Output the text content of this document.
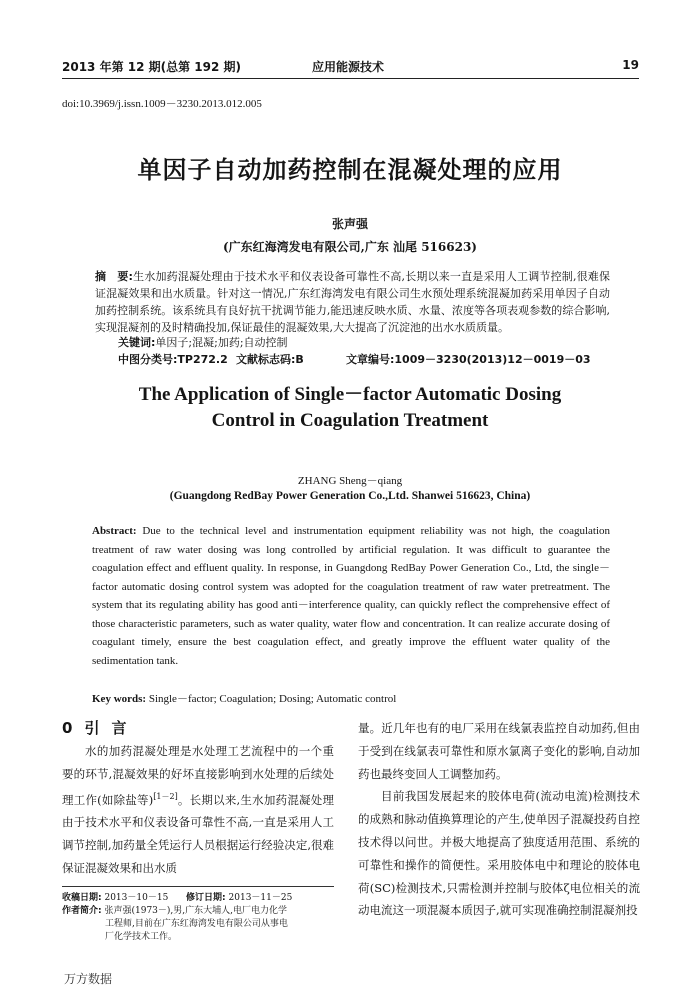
2013 年第 12 期(总第 192 期)	应用能源技术	19
doi:10.3969/j.issn.1009－3230.2013.012.005
单因子自动加药控制在混凝处理的应用
张声强
(广东红海湾发电有限公司,广东 汕尾 516623)
摘　要:生水加药混凝处理由于技术水平和仪表设备可靠性不高,长期以来一直是采用人工调节控制,很难保证混凝效果和出水质量。针对这一情况,广东红海湾发电有限公司生水预处理系统混凝加药采用单因子自动加药控制系统。该系统具有良好抗干扰调节能力,能迅速反映水质、水量、浓度等各项表观参数的综合影响,实现混凝剂的及时精确投加,保证最佳的混凝效果,大大提高了沉淀池的出水水质质量。
关键词:单因子;混凝;加药;自动控制
中图分类号:TP272.2 文献标志码:B	文章编号:1009－3230(2013)12－0019－03
The Application of Single－factor Automatic Dosing
Control in Coagulation Treatment
ZHANG Sheng－qiang
(Guangdong RedBay Power Generation Co.,Ltd. Shanwei 516623, China)
Abstract: Due to the technical level and instrumentation equipment reliability was not high, the coagulation treatment of raw water dosing was long controlled by artificial regulation. It was difficult to guarantee the coagulation effect and effluent quality. In response, in Guangdong RedBay Power Generation Co., Ltd, the single－factor automatic dosing control system was adopted for the coagulation treatment of raw water pretreatment. The system that its regulating ability has good anti－interference quality, can quickly reflect the comprehensive effect of those characteristic parameters, such as water quality, water flow and concentration. It can realize accurate dosing of coagulant timely, ensure the best coagulation effect, and greatly improve the effluent water quality of the sedimentation tank.
Key words: Single－factor; Coagulation; Dosing; Automatic control
0引言

水的加药混凝处理是水处理工艺流程中的一个重要的环节,混凝效果的好坏直接影响到水处理的后续处理工作(如除盐等)[1－2]。长期以来,生水加药混凝处理由于技术水平和仪表设备可靠性不高,一直是采用人工调节控制,加药量全凭运行人员根据运行经验决定,很难保证混凝效果和出水质

量。近几年也有的电厂采用在线氯表监控自动加药,但由于受到在线氯表可靠性和原水氯离子变化的影响,自动加药也最终变回人工调整加药。

目前我国发展起来的胶体电荷(流动电流)检测技术的成熟和脉动值换算理论的产生,使单因子混凝投药自控技术得以问世。并极大地提高了独度适用范围、系统的可靠性和操作的简便性。采用胶体电中和理论的胶体电荷(SC)检测技术,只需检测并控制与胶体ζ电位相关的流动电流这一项混凝本质因子,就可实现准确控制混凝剂投

收稿日期: 2013－10－15 修订日期: 2013－11－25
作者简介: 张声强(1973－),男,广东大埔人,电厂电力化学
工程师,目前在广东红海湾发电有限公司从事电
厂化学技术工作。
万方数据
